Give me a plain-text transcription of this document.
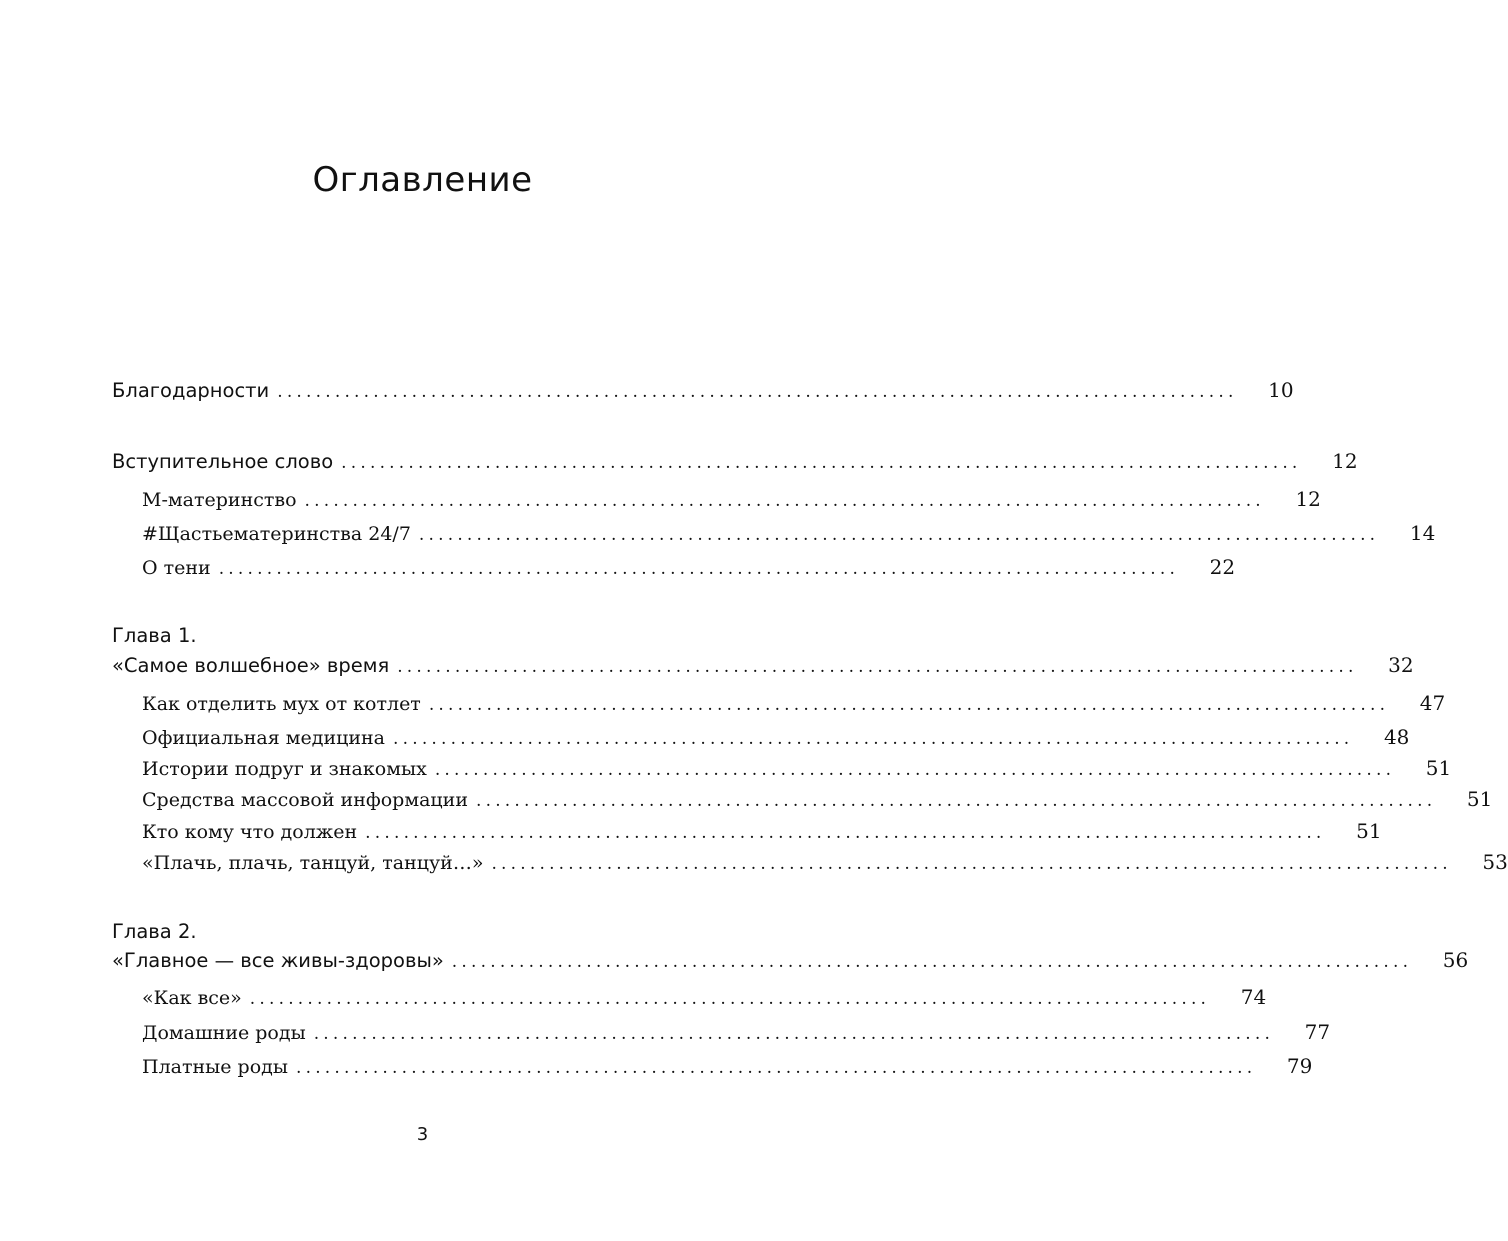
Оглавление
Благодарности .................................................................................................... 10
Вступительное слово .................................................................................................... 12
М-материнство .................................................................................................... 12
#Щастьематеринства 24/7 .................................................................................................... 14
О тени .................................................................................................... 22
Глава 1.
«Самое волшебное» время .................................................................................................... 32
Как отделить мух от котлет .................................................................................................... 47
Официальная медицина .................................................................................................... 48
Истории подруг и знакомых .................................................................................................... 51
Средства массовой информации .................................................................................................... 51
Кто кому что должен .................................................................................................... 51
«Плачь, плачь, танцуй, танцуй…» .................................................................................................... 53
Глава 2.
«Главное — все живы-здоровы» .................................................................................................... 56
«Как все» .................................................................................................... 74
Домашние роды .................................................................................................... 77
Платные роды .................................................................................................... 79
3
